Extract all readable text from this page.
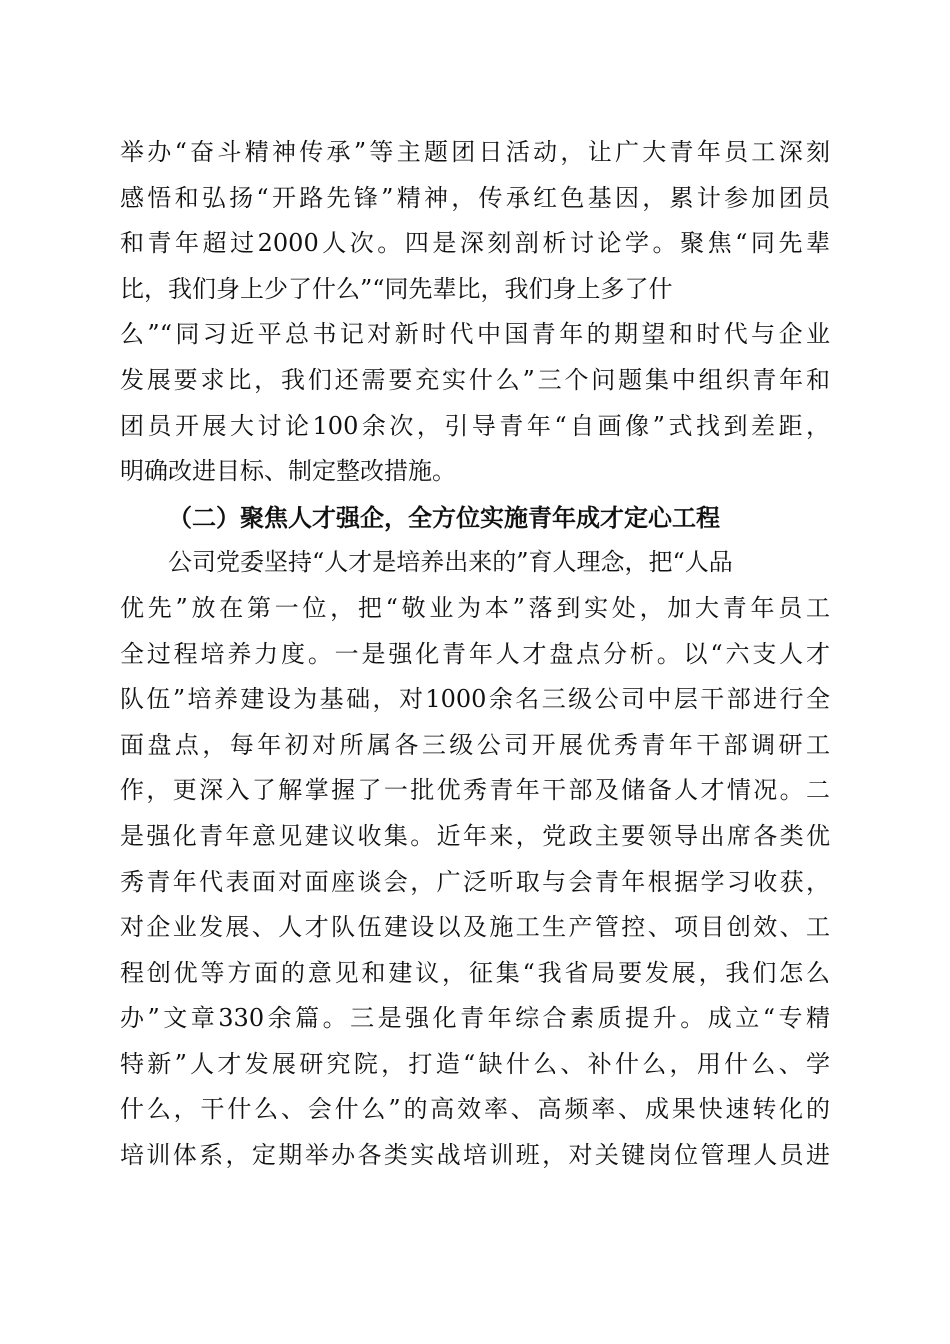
举办“奋斗精神传承”等主题团日活动，让广大青年员工深刻
感悟和弘扬“开路先锋”精神，传承红色基因，累计参加团员
和青年超过2000人次。四是深刻剖析讨论学。聚焦“同先辈
比，我们身上少了什么”“同先辈比，我们身上多了什
么”“同习近平总书记对新时代中国青年的期望和时代与企业
发展要求比，我们还需要充实什么”三个问题集中组织青年和
团员开展大讨论100余次，引导青年“自画像”式找到差距，
明确改进目标、制定整改措施。
（二）聚焦人才强企，全方位实施青年成才定心工程
公司党委坚持“人才是培养出来的”育人理念，把“人品
优先”放在第一位，把“敬业为本”落到实处，加大青年员工
全过程培养力度。一是强化青年人才盘点分析。以“六支人才
队伍”培养建设为基础，对1000余名三级公司中层干部进行全
面盘点，每年初对所属各三级公司开展优秀青年干部调研工
作，更深入了解掌握了一批优秀青年干部及储备人才情况。二
是强化青年意见建议收集。近年来，党政主要领导出席各类优
秀青年代表面对面座谈会，广泛听取与会青年根据学习收获，
对企业发展、人才队伍建设以及施工生产管控、项目创效、工
程创优等方面的意见和建议，征集“我省局要发展，我们怎么
办”文章330余篇。三是强化青年综合素质提升。成立“专精
特新”人才发展研究院，打造“缺什么、补什么，用什么、学
什么，干什么、会什么”的高效率、高频率、成果快速转化的
培训体系，定期举办各类实战培训班，对关键岗位管理人员进
